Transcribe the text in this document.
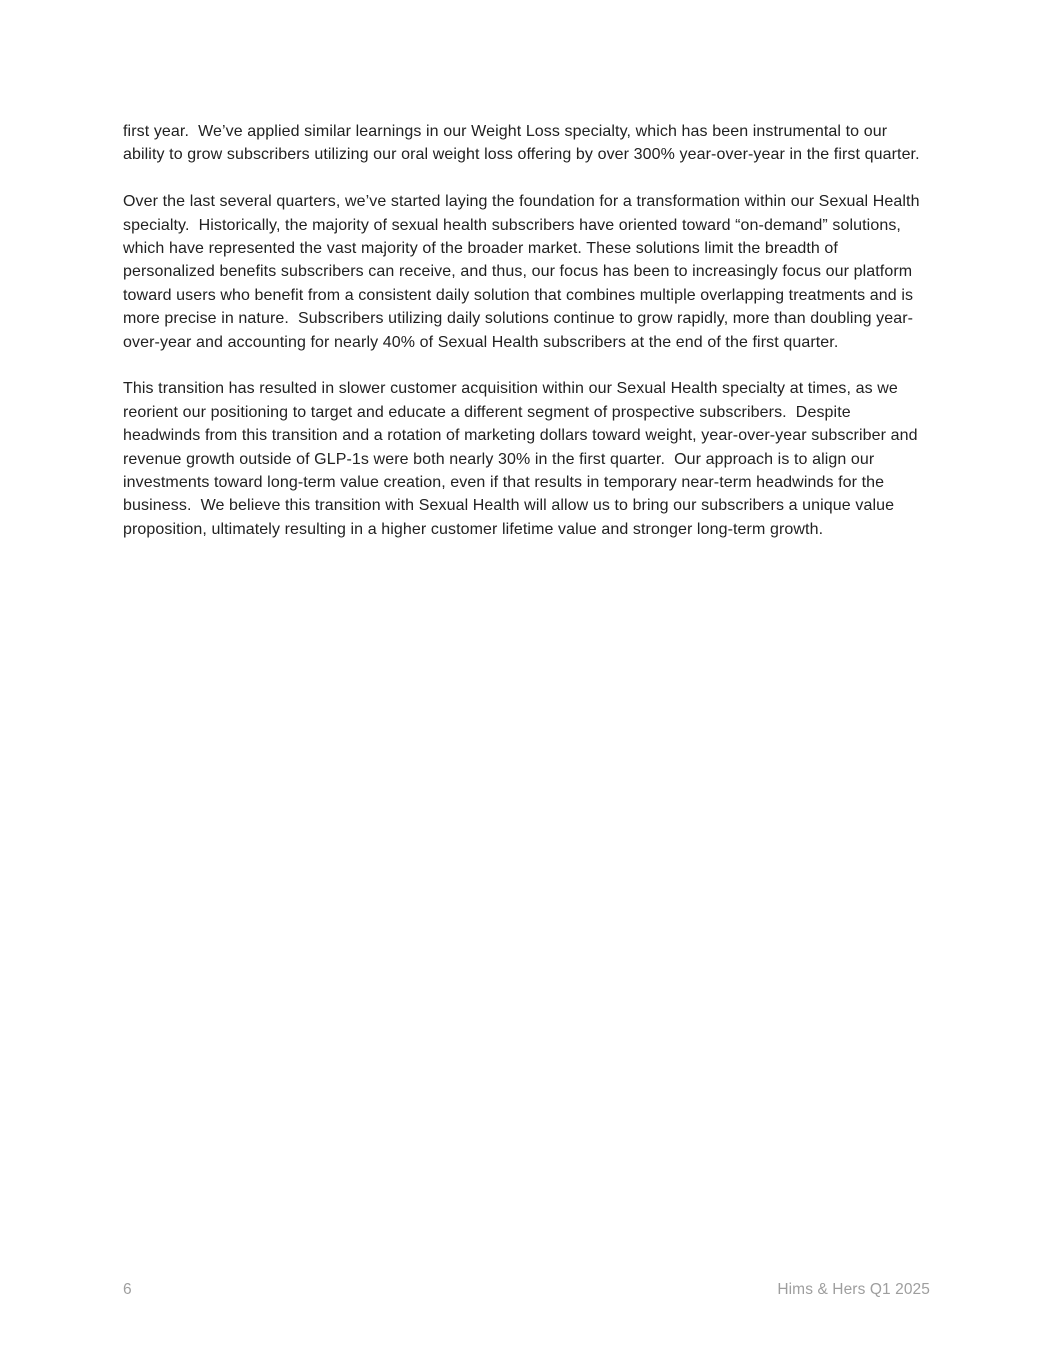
first year.  We’ve applied similar learnings in our Weight Loss specialty, which has been instrumental to our ability to grow subscribers utilizing our oral weight loss offering by over 300% year-over-year in the first quarter.

Over the last several quarters, we’ve started laying the foundation for a transformation within our Sexual Health specialty.  Historically, the majority of sexual health subscribers have oriented toward “on-demand” solutions, which have represented the vast majority of the broader market. These solutions limit the breadth of personalized benefits subscribers can receive, and thus, our focus has been to increasingly focus our platform toward users who benefit from a consistent daily solution that combines multiple overlapping treatments and is more precise in nature.  Subscribers utilizing daily solutions continue to grow rapidly, more than doubling year-over-year and accounting for nearly 40% of Sexual Health subscribers at the end of the first quarter.

This transition has resulted in slower customer acquisition within our Sexual Health specialty at times, as we reorient our positioning to target and educate a different segment of prospective subscribers.  Despite headwinds from this transition and a rotation of marketing dollars toward weight, year-over-year subscriber and revenue growth outside of GLP-1s were both nearly 30% in the first quarter.  Our approach is to align our investments toward long-term value creation, even if that results in temporary near-term headwinds for the business.  We believe this transition with Sexual Health will allow us to bring our subscribers a unique value proposition, ultimately resulting in a higher customer lifetime value and stronger long-term growth.

6	Hims & Hers Q1 2025
